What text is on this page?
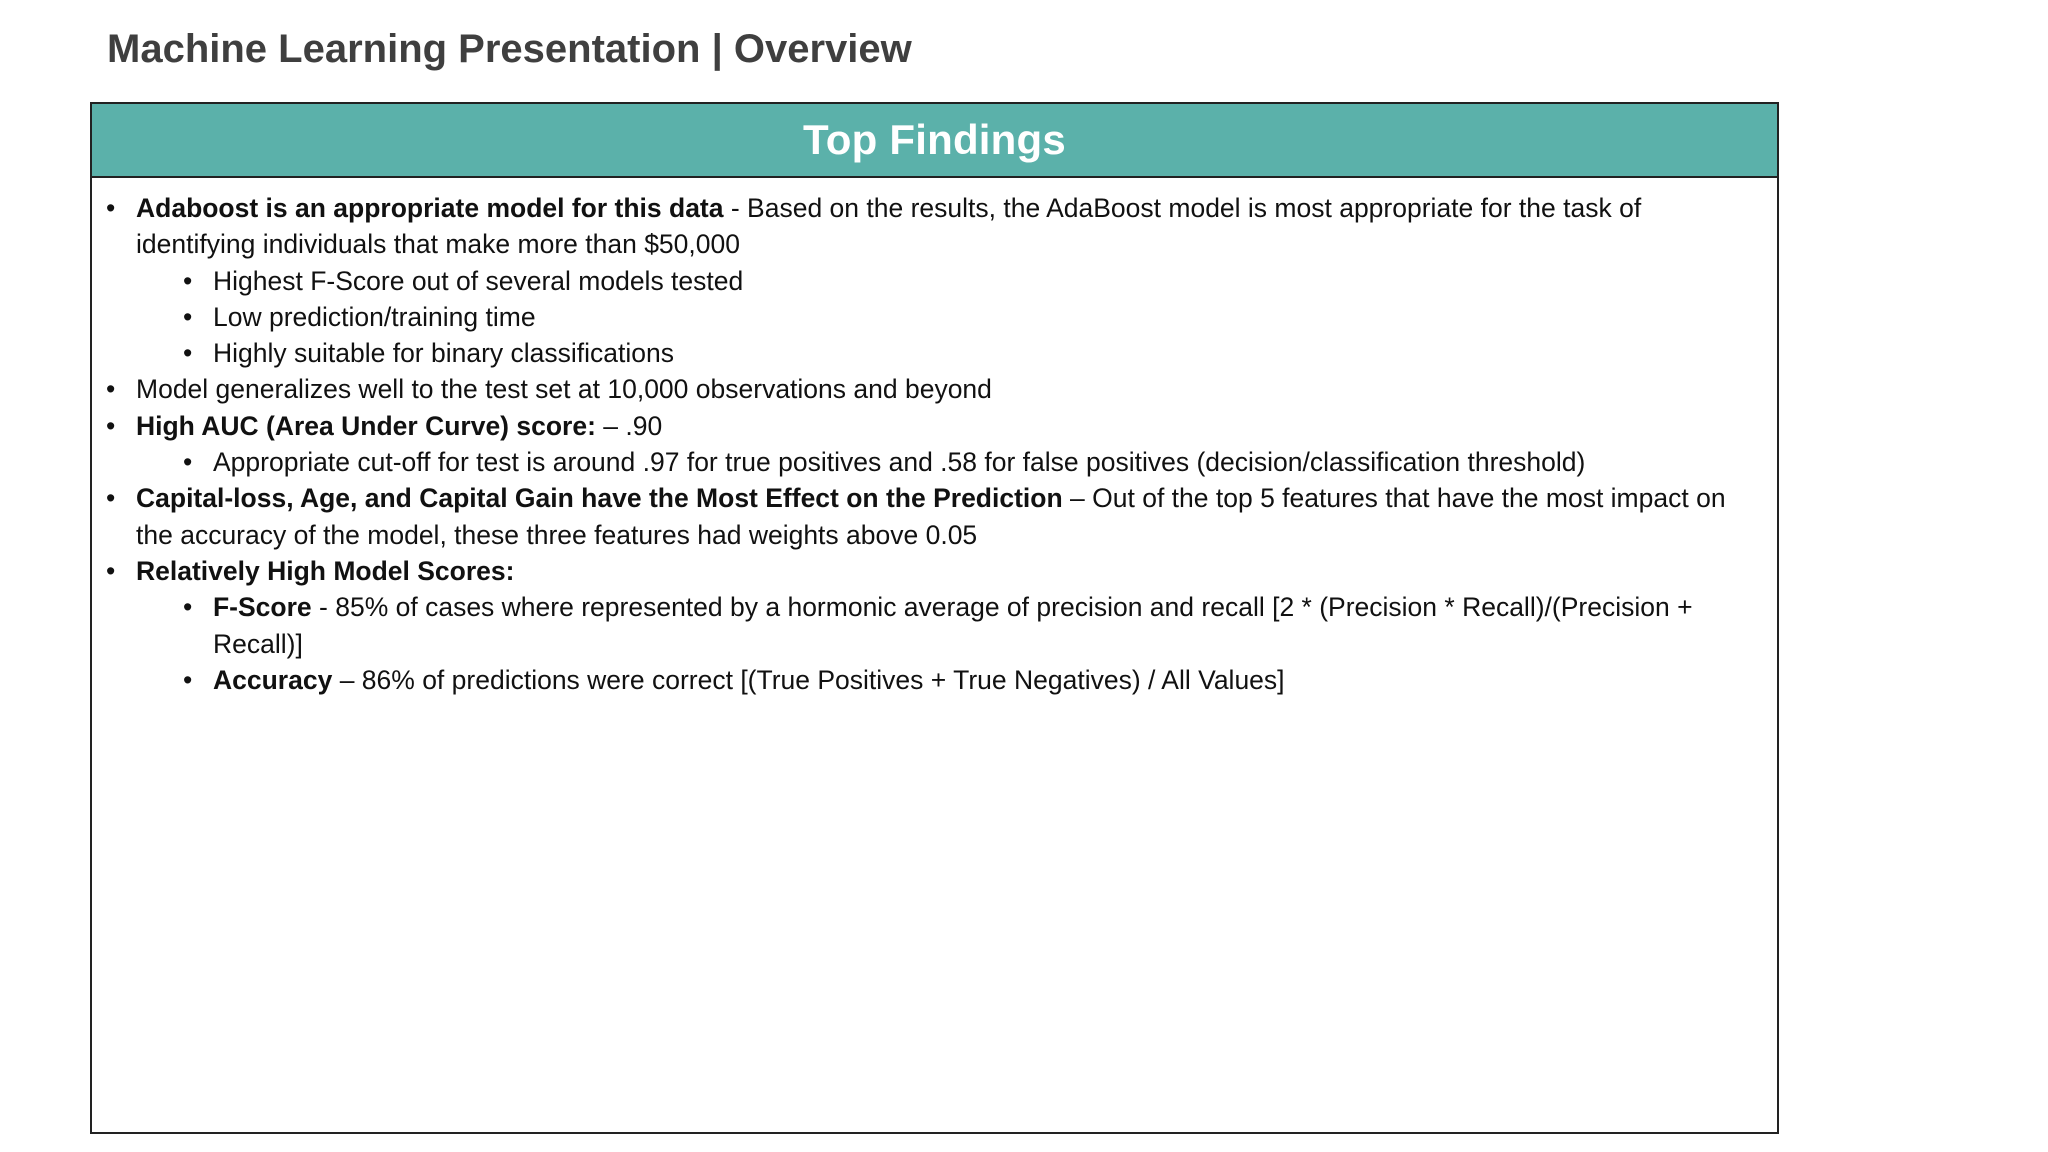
Machine Learning Presentation | Overview
Top Findings
• Adaboost is an appropriate model for this data - Based on the results, the AdaBoost model is most appropriate for the task of identifying individuals that make more than $50,000
• Highest F-Score out of several models tested
• Low prediction/training time
• Highly suitable for binary classifications
• Model generalizes well to the test set at 10,000 observations and beyond
• High AUC (Area Under Curve) score: – .90
• Appropriate cut-off for test is around .97 for true positives and .58 for false positives (decision/classification threshold)
• Capital-loss, Age, and Capital Gain have the Most Effect on the Prediction – Out of the top 5 features that have the most impact on the accuracy of the model, these three features had weights above 0.05
• Relatively High Model Scores:
• F-Score - 85% of cases where represented by a hormonic average of precision and recall [2 * (Precision * Recall)/(Precision + Recall)]
• Accuracy – 86% of predictions were correct [(True Positives + True Negatives) / All Values]
